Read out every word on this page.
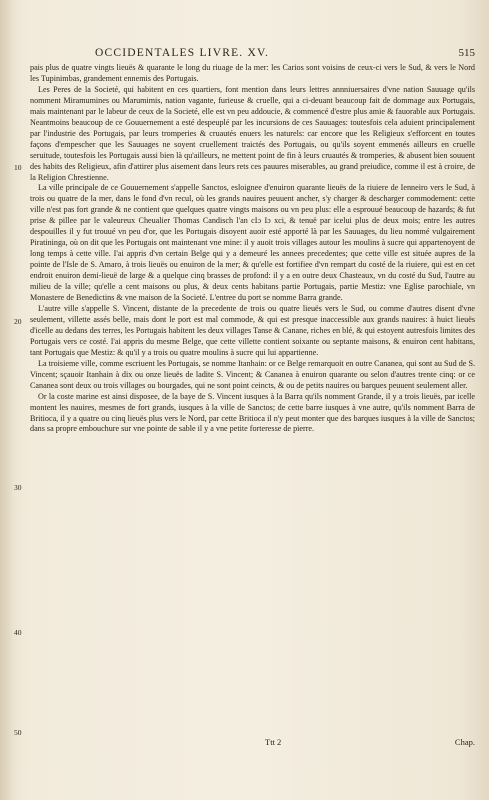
OCCIDENTALES LIVRE. XV.	515
10
20
30
40
50

pais plus de quatre vingts lieuës & quarante le long du riuage de la mer: les Carios sont voisins de ceux-ci vers le Sud, & vers le Nord les Tupinimbas, grandement ennemis des Portugais.

Les Peres de la Societé, qui habitent en ces quartiers, font mention dans leurs lettres annniuersaires d'vne nation Sauuage qu'ils nomment Miramumines ou Marumimis, nation vagante, furieuse & cruelle, qui a ci-deuant beaucoup fait de dommage aux Portugais, mais maintenant par le labeur de ceux de la Societé, elle est vn peu addoucie, & commencé d'estre plus amie & fauorable aux Portugais. Neantmoins beaucoup de ce Gouuernement a esté despeuplé par les incursions de ces Sauuages: toutesfois cela aduient principalement par l'industrie des Portugais, par leurs tromperies & cruautés enuers les naturels: car encore que les Religieux s'efforcent en toutes façons d'empescher que les Sauuages ne soyent cruellement traictés des Portugais, ou qu'ils soyent emmenés ailleurs en cruelle seruitude, toutesfois les Portugais aussi bien là qu'ailleurs, ne mettent point de fin à leurs cruautés & tromperies, & abusent bien souuent des habits des Religieux, afin d'attirer plus aisement dans leurs rets ces pauures miserables, au grand preiudice, comme il est à croire, de la Religion Chrestienne.

La ville principale de ce Gouuernement s'appelle Sanctos, esloignee d'enuiron quarante lieuës de la riuiere de Ienneiro vers le Sud, à trois ou quatre de la mer, dans le fond d'vn recul, où les grands nauires peuuent ancher, s'y charger & descharger commodement: cette ville n'est pas fort grande & ne contient que quelques quatre vingts maisons ou vn peu plus: elle a esprouué beaucoup de hazards; & fut prise & pillee par le valeureux Cheualier Thomas Candisch l'an cIɔ Iɔ xci, & tenuë par icelui plus de deux mois; entre les autres despouilles il y fut trouué vn peu d'or, que les Portugais disoyent auoir esté apporté là par les Sauuages, du lieu nommé vulgairement Piratininga, où on dit que les Portugais ont maintenant vne mine: il y auoit trois villages autour les moulins à sucre qui appartenoyent de long temps à cette ville. I'ai appris d'vn certain Belge qui y a demeuré les annees precedentes; que cette ville est située aupres de la pointe de l'Isle de S. Amaro, à trois lieuës ou enuiron de la mer; & qu'elle est fortifiee d'vn rempart du costé de la riuiere, qui est en cet endroit enuiron demi-lieuë de large & a quelque cinq brasses de profond: il y a en outre deux Chasteaux, vn du costé du Sud, l'autre au milieu de la ville; qu'elle a cent maisons ou plus, & deux cents habitans partie Portugais, partie Mestiz: vne Eglise parochiale, vn Monastere de Benedictins & vne maison de la Societé. L'entree du port se nomme Barra grande.

L'autre ville s'appelle S. Vincent, distante de la precedente de trois ou quatre lieuës vers le Sud, ou comme d'autres disent d'vne seulement, villette assés belle, mais dont le port est mal commode, & qui est presque inaccessible aux grands nauires: à huict lieuës d'icelle au dedans des terres, les Portugais habitent les deux villages Tanse & Canane, riches en blé, & qui estoyent autresfois limites des Portugais vers ce costé. I'ai appris du mesme Belge, que cette villette contient soixante ou septante maisons, & enuiron cent habitans, tant Portugais que Mestiz: & qu'il y a trois ou quatre moulins à sucre qui lui appartienne.

La troisieme ville, comme escriuent les Portugais, se nomme Itanhain: or ce Belge remarquoit en outre Cananea, qui sont au Sud de S. Vincent; sçauoir Itanhain à dix ou onze lieuës de ladite S. Vincent; & Cananea à enuiron quarante ou selon d'autres trente cinq: or ce Cananea sont deux ou trois villages ou bourgades, qui ne sont point ceincts, & ou de petits nauires ou barques peuuent seulement aller.

Or la coste marine est ainsi disposee, de la baye de S. Vincent iusques à la Barra qu'ils nomment Grande, il y a trois lieuës, par icelle montent les nauires, mesmes de fort grands, iusques à la ville de Sanctos; de cette barre iusques à vne autre, qu'ils nomment Barra de Britioca, il y a quatre ou cinq lieuës plus vers le Nord, par cette Britioca il n'y peut monter que des barques iusques à la ville de Sanctos; dans sa propre embouchure sur vne pointe de sable il y a vne petite forteresse de pierre.

Ttt 2	Chap.
